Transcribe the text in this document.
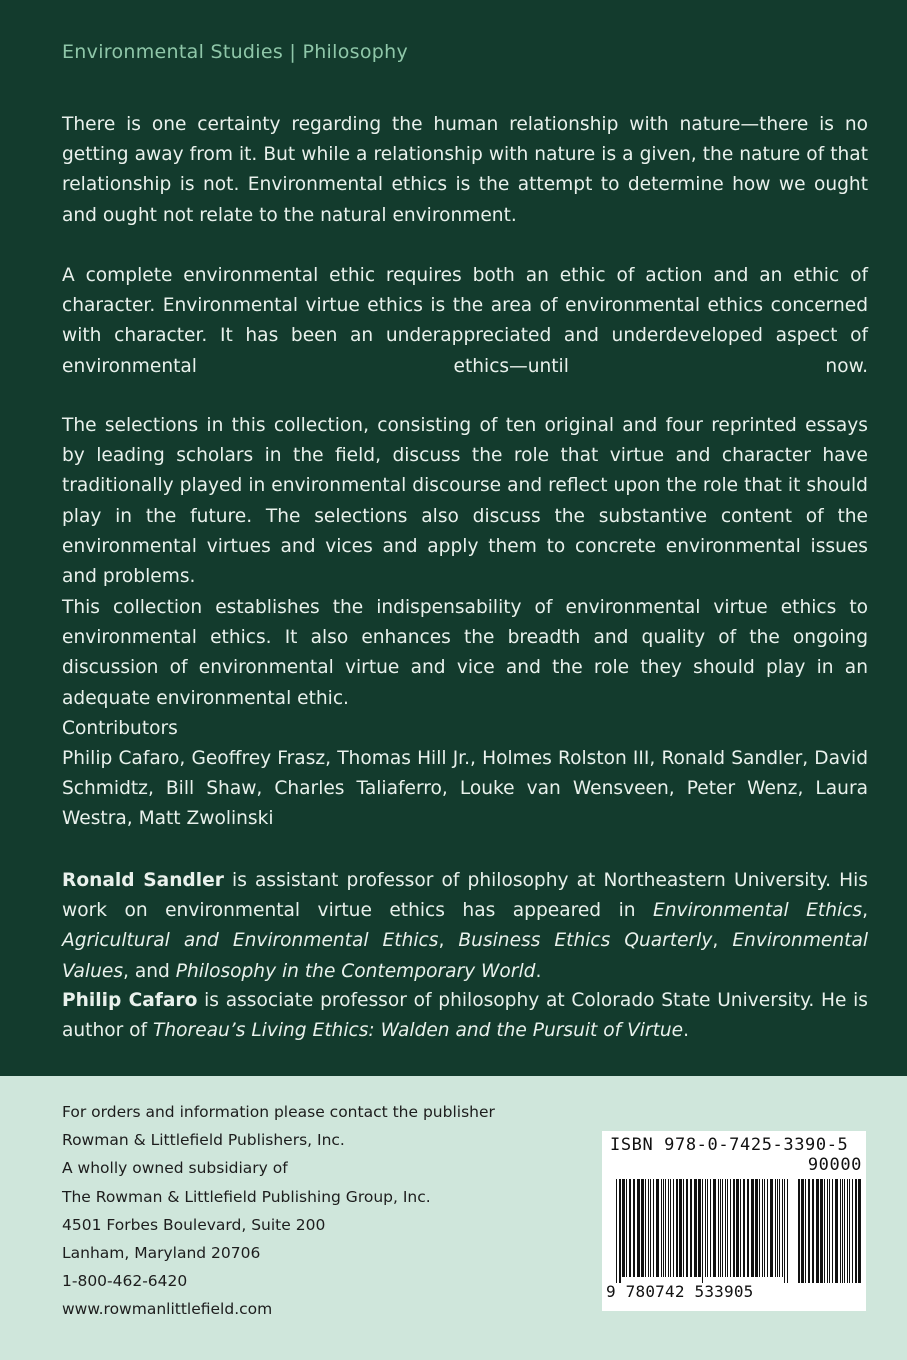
Environmental Studies | Philosophy

There is one certainty regarding the human relationship with nature—there is no getting away from it. But while a relationship with nature is a given, the nature of that relationship is not. Environmental ethics is the attempt to determine how we ought and ought not relate to the natural environment.

A complete environmental ethic requires both an ethic of action and an ethic of character. Environmental virtue ethics is the area of environmental ethics concerned with character. It has been an underappreciated and underdeveloped aspect of environmental ethics—until now.

The selections in this collection, consisting of ten original and four reprinted essays by leading scholars in the field, discuss the role that virtue and character have traditionally played in environmental discourse and reflect upon the role that it should play in the future. The selections also discuss the substantive content of the environmental virtues and vices and apply them to concrete environmental issues and problems.

This collection establishes the indispensability of environmental virtue ethics to environmental ethics. It also enhances the breadth and quality of the ongoing discussion of environmental virtue and vice and the role they should play in an adequate environmental ethic.

Contributors

Philip Cafaro, Geoffrey Frasz, Thomas Hill Jr., Holmes Rolston III, Ronald Sandler, David Schmidtz, Bill Shaw, Charles Taliaferro, Louke van Wensveen, Peter Wenz, Laura Westra, Matt Zwolinski

Ronald Sandler is assistant professor of philosophy at Northeastern University. His work on environmental virtue ethics has appeared in Environmental Ethics, Agricultural and Environmental Ethics, Business Ethics Quarterly, Environmental Values, and Philosophy in the Contemporary World.

Philip Cafaro is associate professor of philosophy at Colorado State University. He is author of Thoreau’s Living Ethics: Walden and the Pursuit of Virtue.

For orders and information please contact the publisher
Rowman & Littlefield Publishers, Inc.
A wholly owned subsidiary of
The Rowman & Littlefield Publishing Group, Inc.
4501 Forbes Boulevard, Suite 200
Lanham, Maryland 20706
1-800-462-6420
www.rowmanlittlefield.com
ISBN 978-0-7425-3390-5
90000
9 780742 533905
